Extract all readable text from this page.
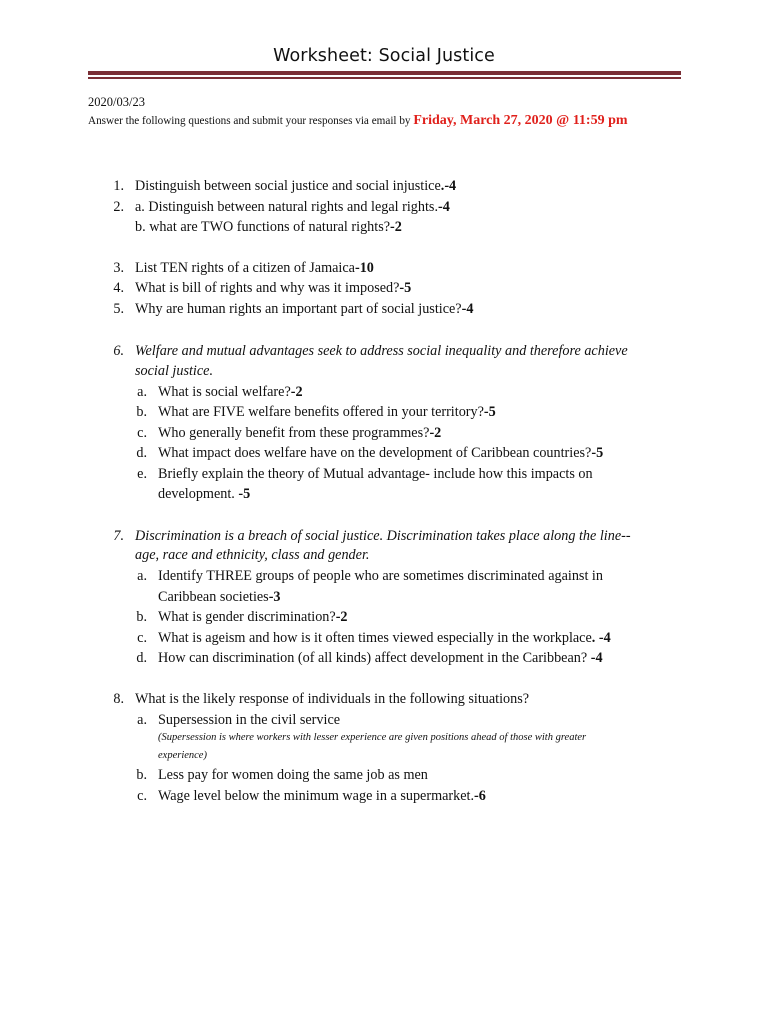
Worksheet: Social Justice
2020/03/23
Answer the following questions and submit your responses via email by Friday, March 27, 2020 @ 11:59 pm
1. Distinguish between social justice and social injustice.-4
2. a. Distinguish between natural rights and legal rights.-4
b. what are TWO functions of natural rights?-2
3. List TEN rights of a citizen of Jamaica-10
4. What is bill of rights and why was it imposed?-5
5. Why are human rights an important part of social justice?-4
6. Welfare and mutual advantages seek to address social inequality and therefore achieve
social justice.
a. What is social welfare?-2
b. What are FIVE welfare benefits offered in your territory?-5
c. Who generally benefit from these programmes?-2
d. What impact does welfare have on the development of Caribbean countries?-5
e. Briefly explain the theory of Mutual advantage- include how this impacts on
development. -5
7. Discrimination is a breach of social justice. Discrimination takes place along the line--
age, race and ethnicity, class and gender.
a. Identify THREE groups of people who are sometimes discriminated against in
Caribbean societies-3
b. What is gender discrimination?-2
c. What is ageism and how is it often times viewed especially in the workplace. -4
d. How can discrimination (of all kinds) affect development in the Caribbean? -4
8. What is the likely response of individuals in the following situations?
a. Supersession in the civil service
(Supersession is where workers with lesser experience are given positions ahead of those with greater
experience)
b. Less pay for women doing the same job as men
c. Wage level below the minimum wage in a supermarket.-6
